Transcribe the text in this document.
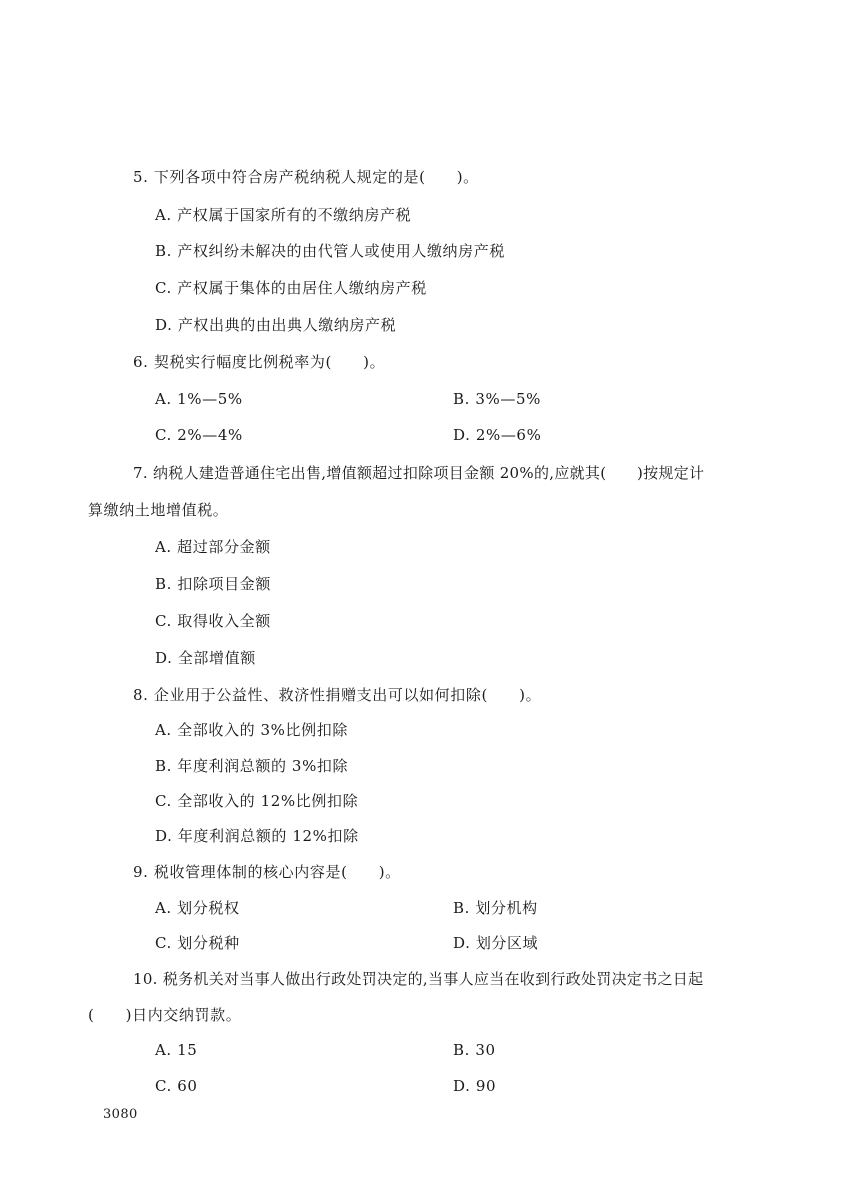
5. 下列各项中符合房产税纳税人规定的是(　　)。
A. 产权属于国家所有的不缴纳房产税
B. 产权纠纷未解决的由代管人或使用人缴纳房产税
C. 产权属于集体的由居住人缴纳房产税
D. 产权出典的由出典人缴纳房产税
6. 契税实行幅度比例税率为(　　)。
A. 1%—5%	B. 3%—5%
C. 2%—4%	D. 2%—6%
7. 纳税人建造普通住宅出售,增值额超过扣除项目金额 20%的,应就其(　　)按规定计
算缴纳土地增值税。
A. 超过部分金额
B. 扣除项目金额
C. 取得收入全额
D. 全部增值额
8. 企业用于公益性、救济性捐赠支出可以如何扣除(　　)。
A. 全部收入的 3%比例扣除
B. 年度利润总额的 3%扣除
C. 全部收入的 12%比例扣除
D. 年度利润总额的 12%扣除
9. 税收管理体制的核心内容是(　　)。
A. 划分税权	B. 划分机构
C. 划分税种	D. 划分区域
10. 税务机关对当事人做出行政处罚决定的,当事人应当在收到行政处罚决定书之日起
(　　)日内交纳罚款。
A. 15	B. 30
C. 60	D. 90
3080
